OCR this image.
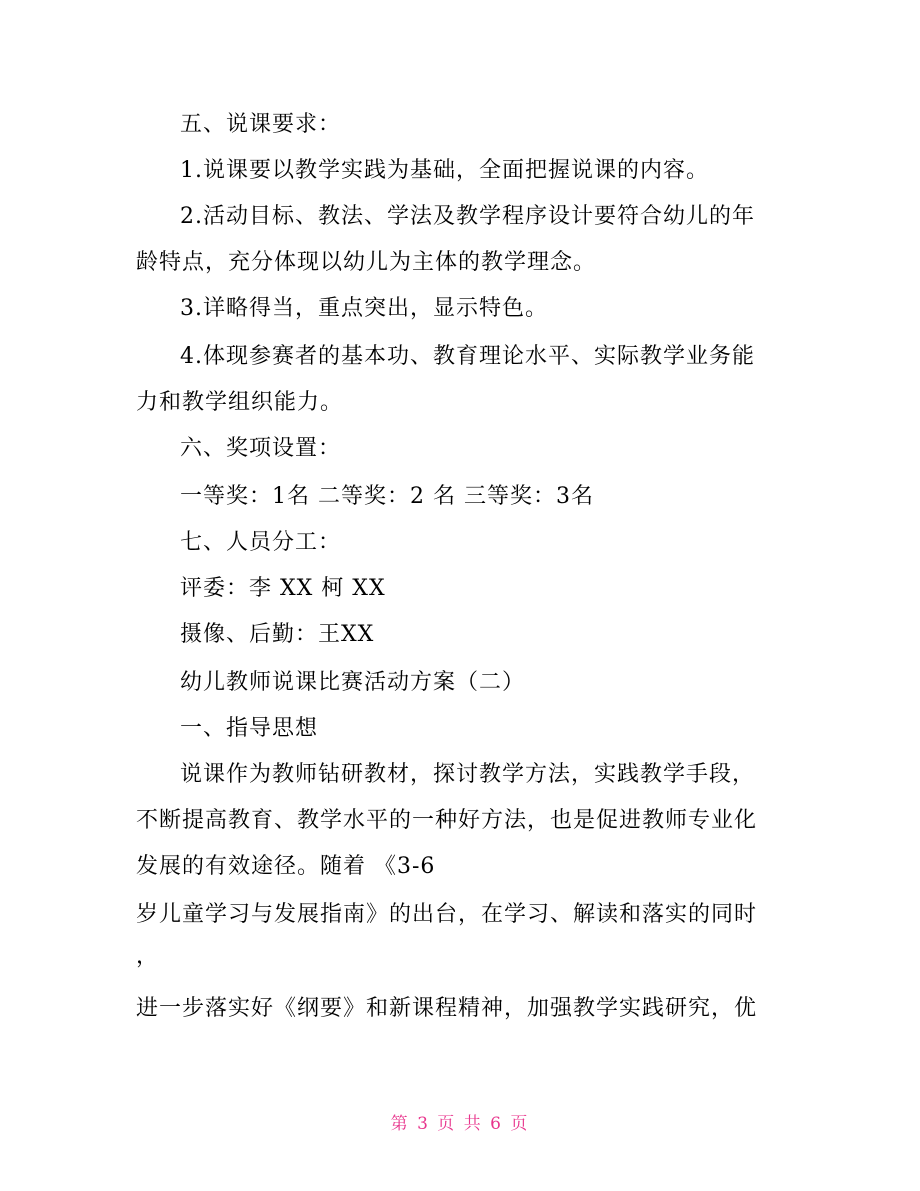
五、说课要求：
1.说课要以教学实践为基础，全面把握说课的内容。
2.活动目标、教法、学法及教学程序设计要符合幼儿的年
龄特点，充分体现以幼儿为主体的教学理念。
3.详略得当，重点突出，显示特色。
4.体现参赛者的基本功、教育理论水平、实际教学业务能
力和教学组织能力。
六、奖项设置：
一等奖：1名 二等奖：2 名 三等奖：3名
七、人员分工：
评委：李 XX 柯 XX
摄像、后勤：王XX
幼儿教师说课比赛活动方案（二）
一、指导思想
说课作为教师钻研教材，探讨教学方法，实践教学手段，
不断提高教育、教学水平的一种好方法，也是促进教师专业化
发展的有效途径。随着 《3-6
岁儿童学习与发展指南》的出台，在学习、解读和落实的同时
，
进一步落实好《纲要》和新课程精神，加强教学实践研究，优
第 3 页 共 6 页
